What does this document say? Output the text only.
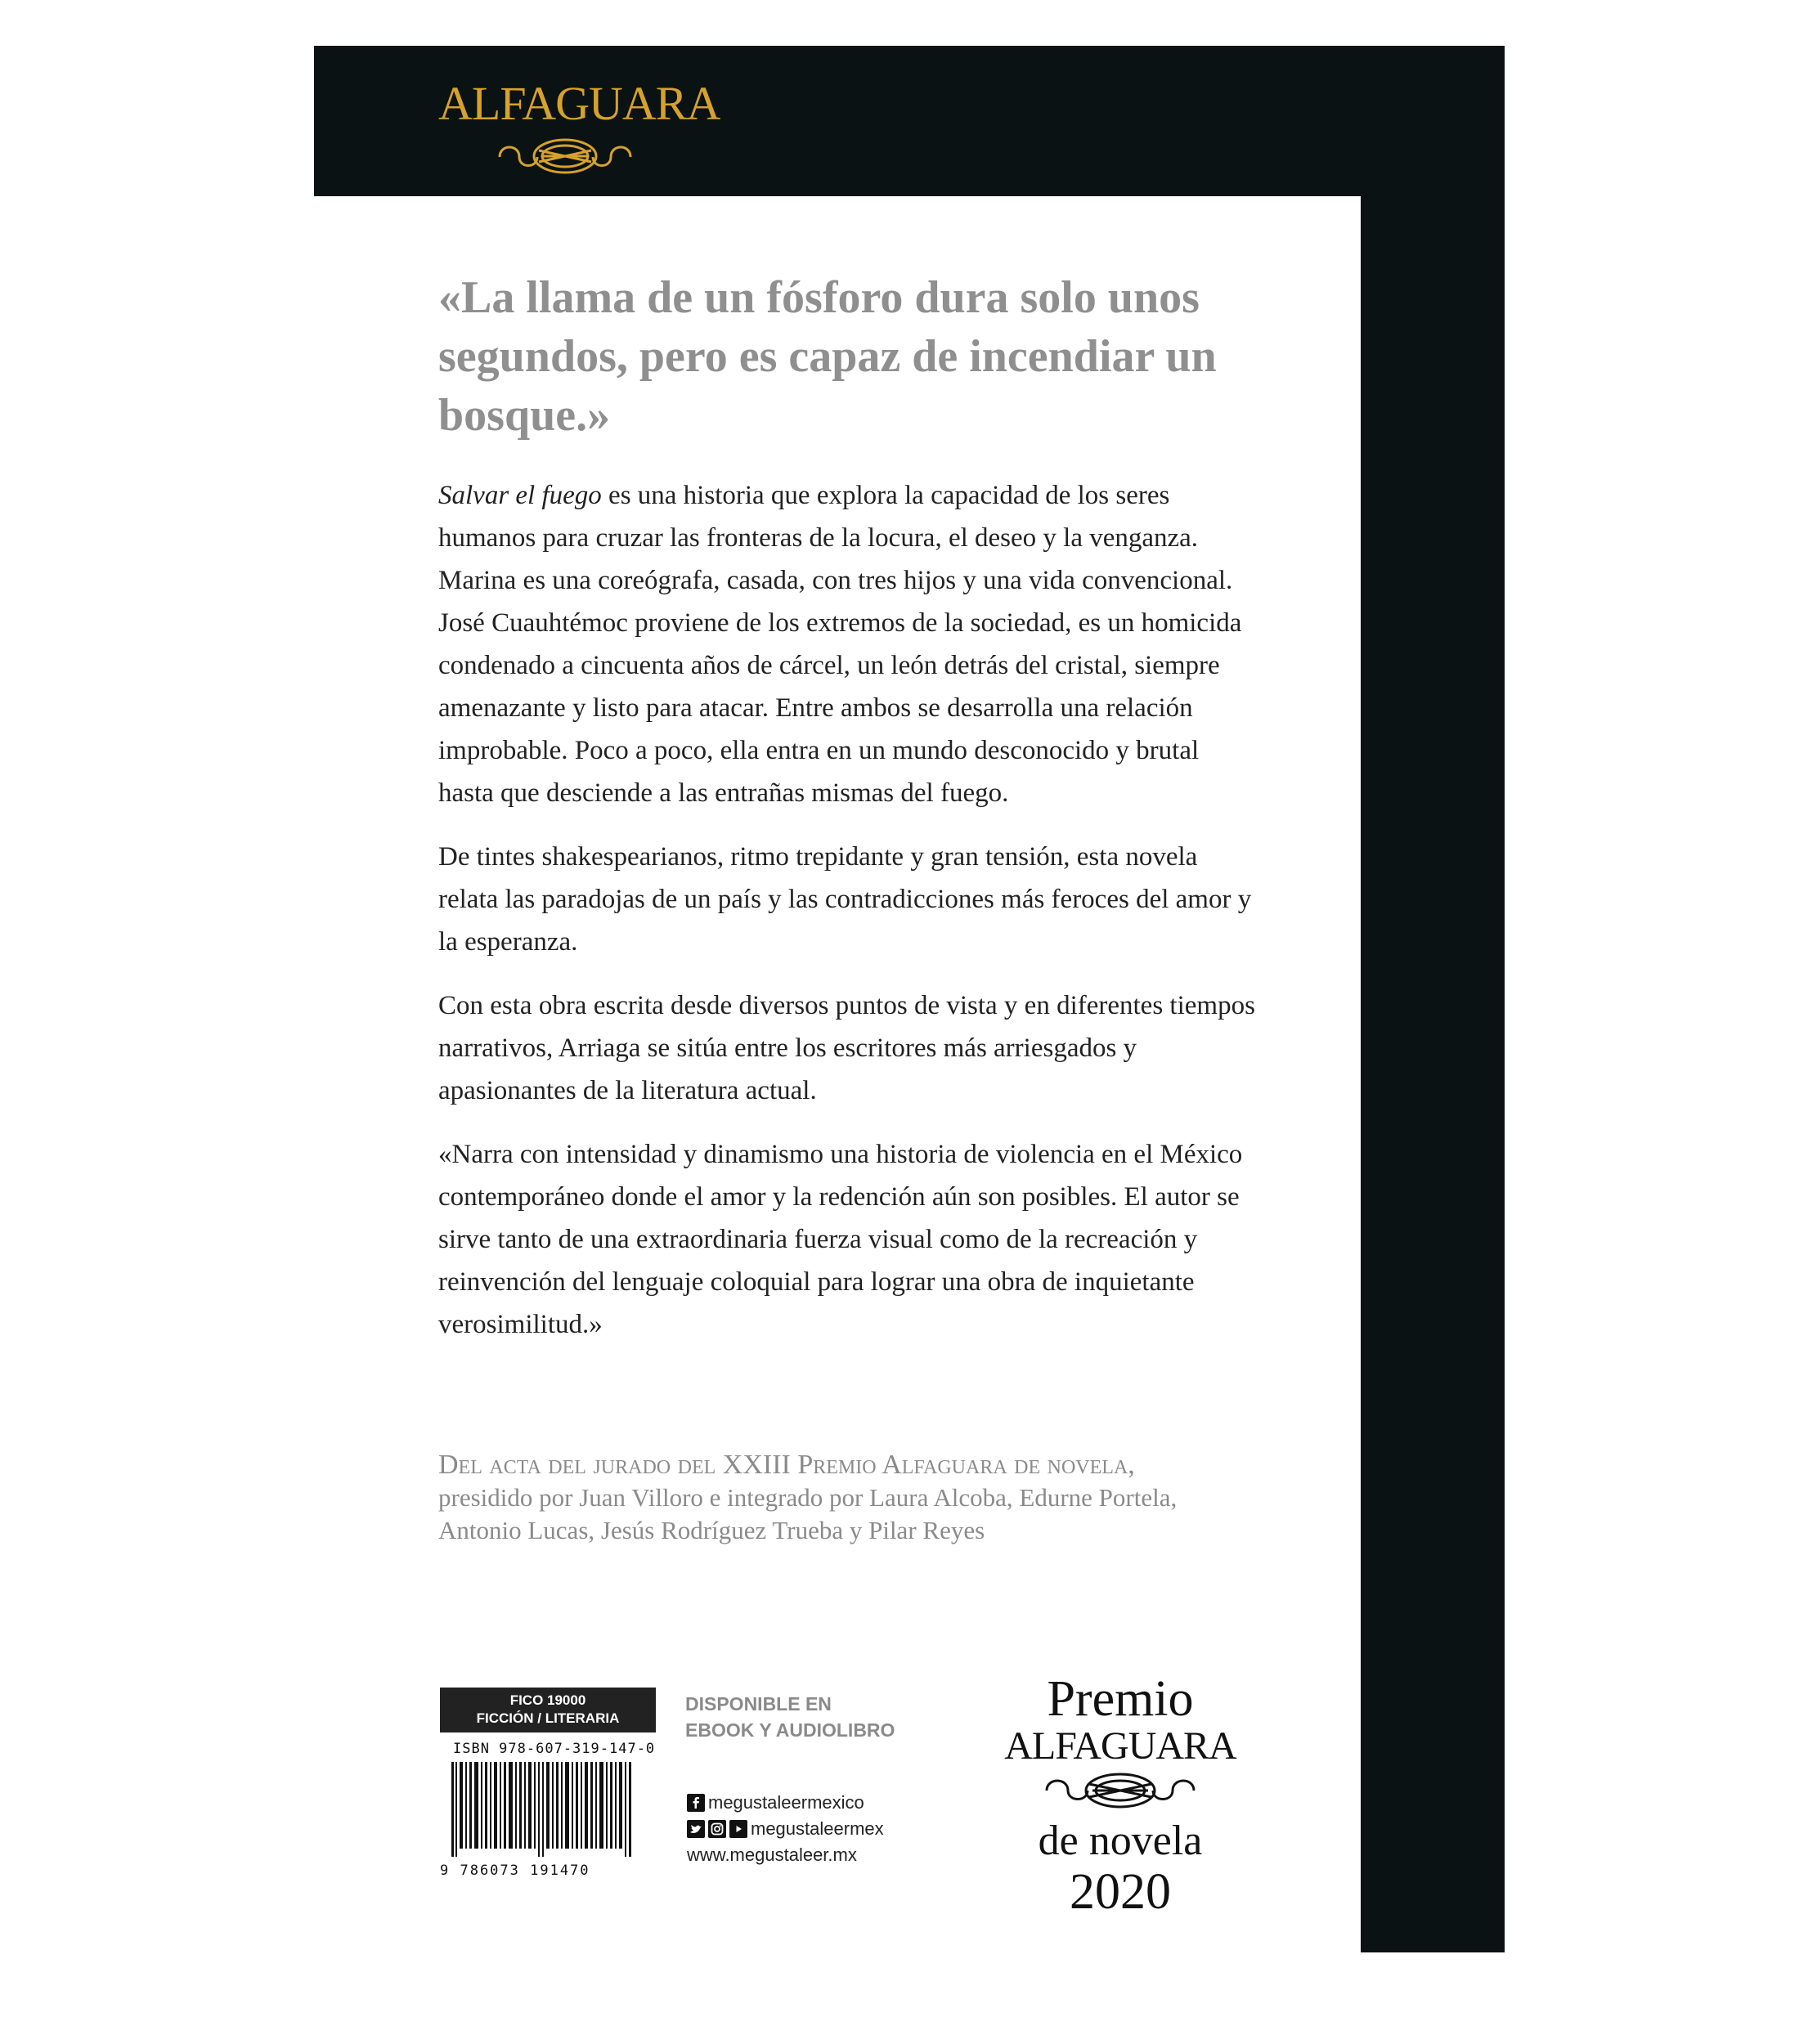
ALFAGUARA
«La llama de un fósforo dura solo unos segundos, pero es capaz de incendiar un bosque.»

Salvar el fuego es una historia que explora la capacidad de los seres humanos para cruzar las fronteras de la locura, el deseo y la venganza. Marina es una coreógrafa, casada, con tres hijos y una vida convencional. José Cuauhtémoc proviene de los extremos de la sociedad, es un homicida condenado a cincuenta años de cárcel, un león detrás del cristal, siempre amenazante y listo para atacar. Entre ambos se desarrolla una relación improbable. Poco a poco, ella entra en un mundo desconocido y brutal hasta que desciende a las entrañas mismas del fuego.

De tintes shakespearianos, ritmo trepidante y gran tensión, esta novela relata las paradojas de un país y las contradicciones más feroces del amor y la esperanza.

Con esta obra escrita desde diversos puntos de vista y en diferentes tiempos narrativos, Arriaga se sitúa entre los escritores más arriesgados y apasionantes de la literatura actual.

«Narra con intensidad y dinamismo una historia de violencia en el México contemporáneo donde el amor y la redención aún son posibles. El autor se sirve tanto de una extraordinaria fuerza visual como de la recreación y reinvención del lenguaje coloquial para lograr una obra de inquietante verosimilitud.»

Del acta del jurado del XXIII Premio Alfaguara de novela,
presidido por Juan Villoro e integrado por Laura Alcoba, Edurne Portela,
Antonio Lucas, Jesús Rodríguez Trueba y Pilar Reyes

FICO 19000
FICCIÓN / LITERARIA
ISBN 978-607-319-147-0
9 786073 191470

DISPONIBLE EN
EBOOK Y AUDIOLIBRO

megustaleermexico
megustaleermex
www.megustaleer.mx
Premio
ALFAGUARA
de novela
2020
